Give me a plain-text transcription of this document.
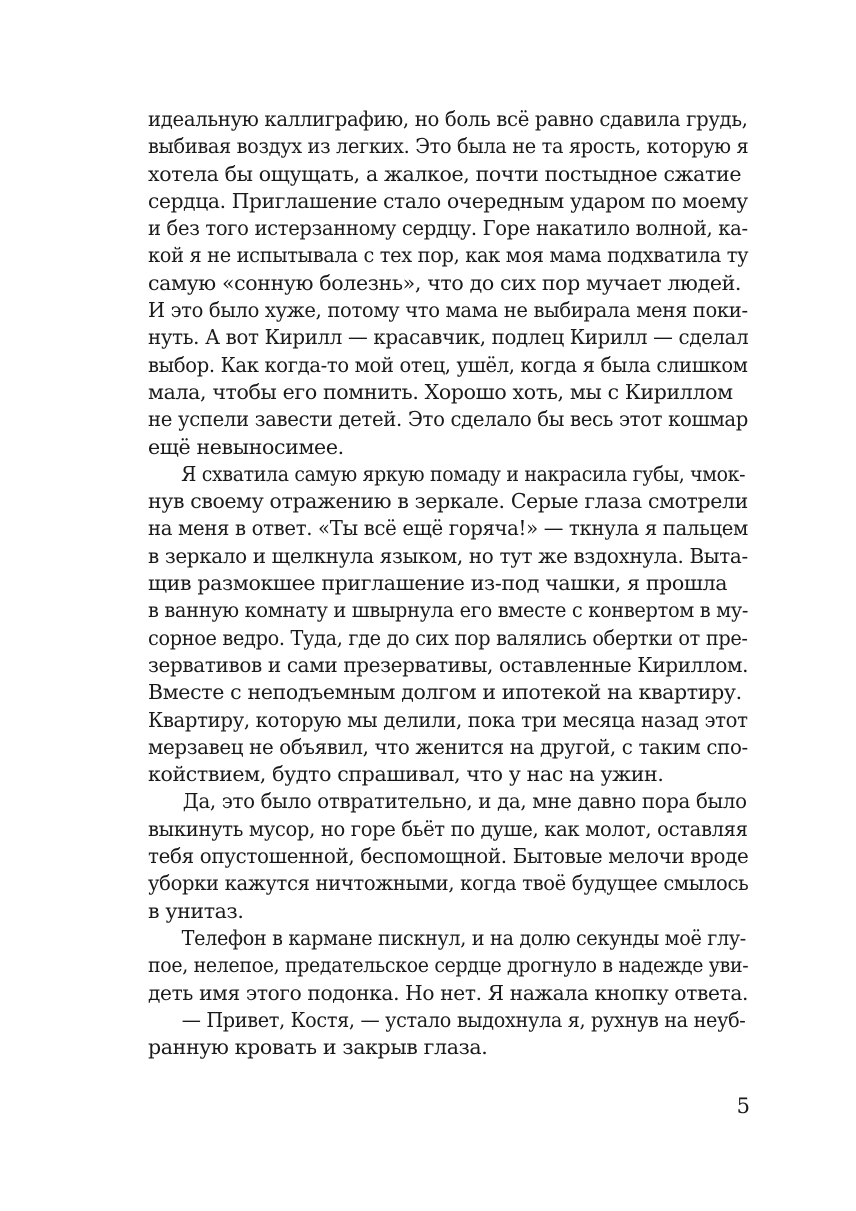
идеальную каллиграфию, но боль всё равно сдавила грудь,
выбивая воздух из легких. Это была не та ярость, которую я
хотела бы ощущать, а жалкое, почти постыдное сжатие
сердца. Приглашение стало очередным ударом по моему
и без того истерзанному сердцу. Горе накатило волной, ка-
кой я не испытывала с тех пор, как моя мама подхватила ту
самую «сонную болезнь», что до сих пор мучает людей.
И это было хуже, потому что мама не выбирала меня поки-
нуть. А вот Кирилл — красавчик, подлец Кирилл — сделал
выбор. Как когда-то мой отец, ушёл, когда я была слишком
мала, чтобы его помнить. Хорошо хоть, мы с Кириллом
не успели завести детей. Это сделало бы весь этот кошмар
ещё невыносимее.
Я схватила самую яркую помаду и накрасила губы, чмок-
нув своему отражению в зеркале. Серые глаза смотрели
на меня в ответ. «Ты всё ещё горяча!» — ткнула я пальцем
в зеркало и щелкнула языком, но тут же вздохнула. Выта-
щив размокшее приглашение из-под чашки, я прошла
в ванную комнату и швырнула его вместе с конвертом в му-
сорное ведро. Туда, где до сих пор валялись обертки от пре-
зервативов и сами презервативы, оставленные Кириллом.
Вместе с неподъемным долгом и ипотекой на квартиру.
Квартиру, которую мы делили, пока три месяца назад этот
мерзавец не объявил, что женится на другой, с таким спо-
койствием, будто спрашивал, что у нас на ужин.
Да, это было отвратительно, и да, мне давно пора было
выкинуть мусор, но горе бьёт по душе, как молот, оставляя
тебя опустошенной, беспомощной. Бытовые мелочи вроде
уборки кажутся ничтожными, когда твоё будущее смылось
в унитаз.
Телефон в кармане пискнул, и на долю секунды моё глу-
пое, нелепое, предательское сердце дрогнуло в надежде уви-
деть имя этого подонка. Но нет. Я нажала кнопку ответа.
— Привет, Костя, — устало выдохнула я, рухнув на неуб-
ранную кровать и закрыв глаза.
5
